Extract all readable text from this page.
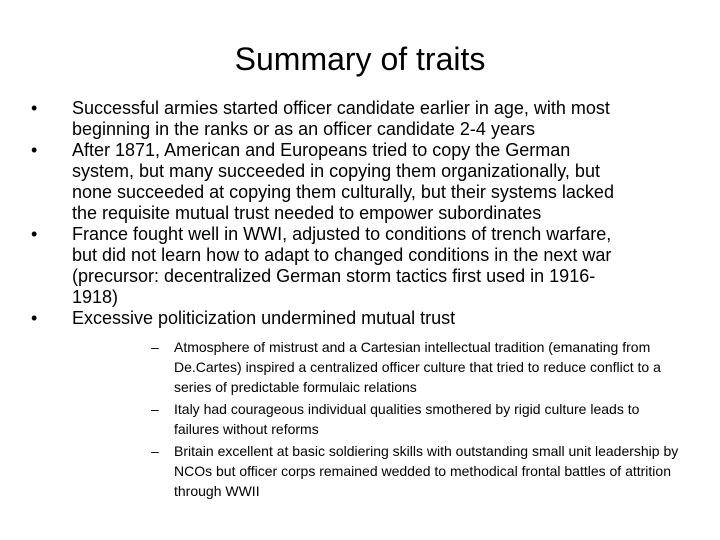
Summary of traits
•	Successful armies started officer candidate earlier in age, with most
beginning in the ranks or as an officer candidate 2-4 years
•	After 1871, American and Europeans tried to copy the German
system, but many succeeded in copying them organizationally, but
none succeeded at copying them culturally, but their systems lacked
the requisite mutual trust needed to empower subordinates
•	France fought well in WWI, adjusted to conditions of trench warfare,
but did not learn how to adapt to changed conditions in the next war
(precursor: decentralized German storm tactics first used in 1916-
1918)
•	Excessive politicization undermined mutual trust
–	Atmosphere of mistrust and a Cartesian intellectual tradition (emanating from
De.Cartes) inspired a centralized officer culture that tried to reduce conflict to a
series of predictable formulaic relations
–	Italy had courageous individual qualities smothered by rigid culture leads to
failures without reforms
–	Britain excellent at basic soldiering skills with outstanding small unit leadership by
NCOs but officer corps remained wedded to methodical frontal battles of attrition
through WWII
